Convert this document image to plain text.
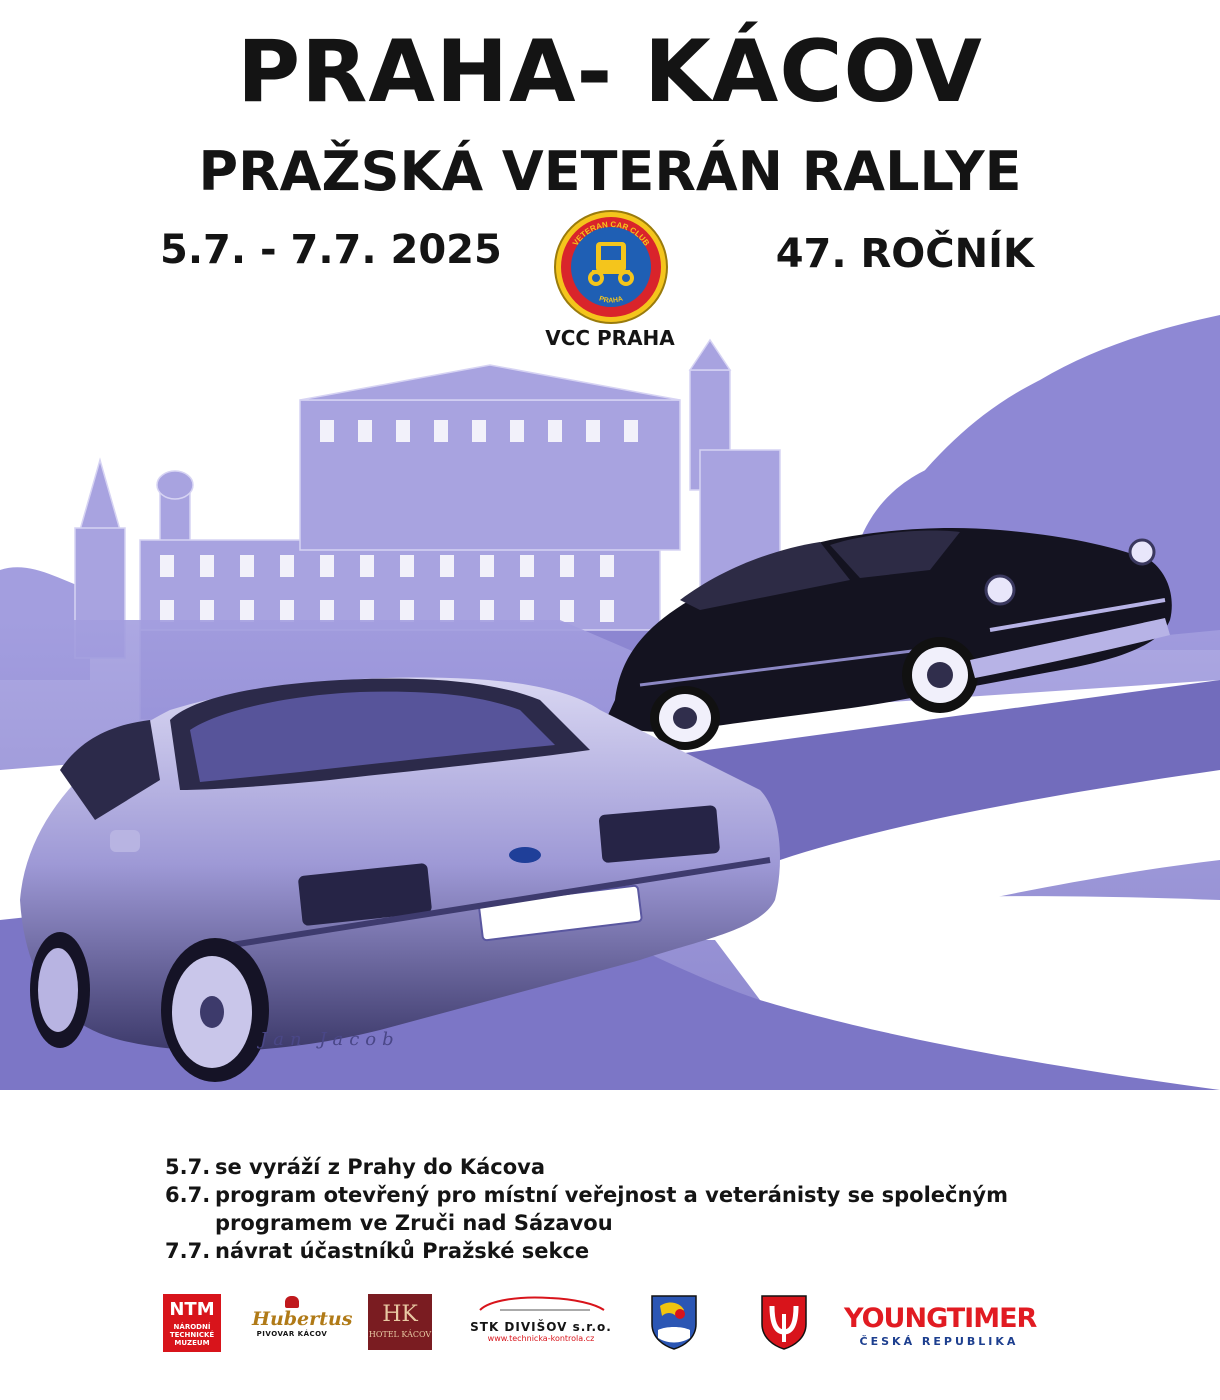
PRAHA- KÁCOV
PRAŽSKÁ VETERÁN RALLYE
5.7. - 7.7. 2025	47. ROČNÍK
VETERAN CAR CLUB
PRAHA
VCC PRAHA
Jan Jacob
5.7. se vyráží z Prahy do Kácova
6.7. program otevřený pro místní veřejnost a veteránisty se společným
programem ve Zruči nad Sázavou
7.7. návrat účastníků Pražské sekce
NTM
NÁRODNÍ TECHNICKÉ MUZEUM
Hubertus
PIVOVAR KÁCOV
HK
HOTEL KÁCOV
STK DIVIŠOV s.r.o.
www.technicka-kontrola.cz
YOUNGTIMER
ČESKÁ REPUBLIKA
